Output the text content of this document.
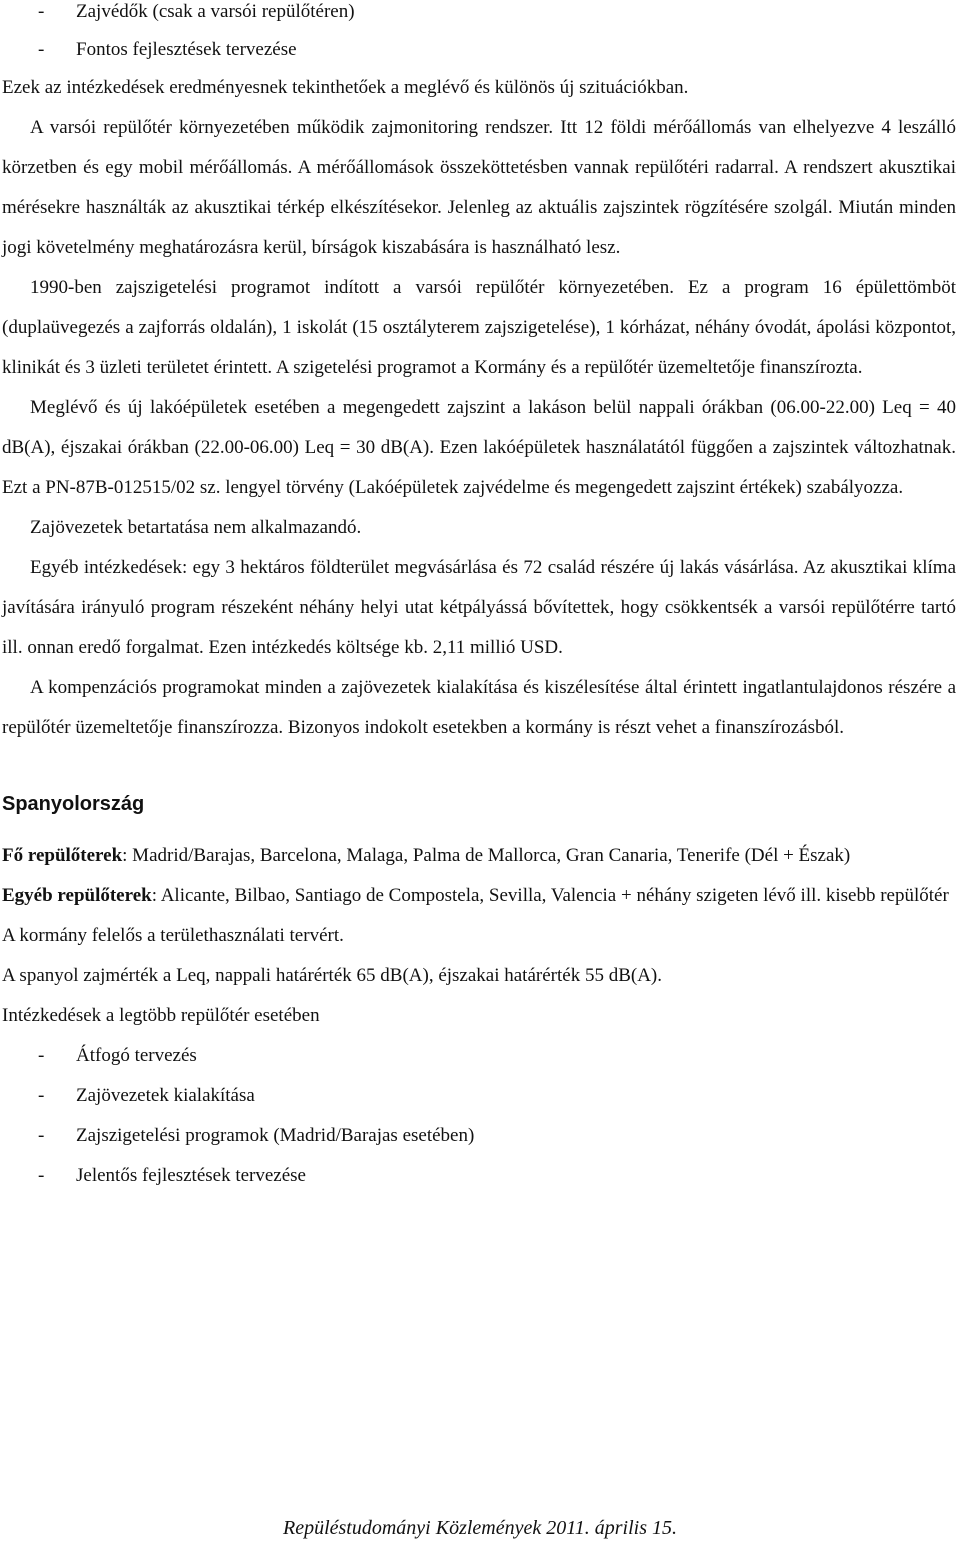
- Zajvédők (csak a varsói repülőtéren)
- Fontos fejlesztések tervezése

Ezek az intézkedések eredményesnek tekinthetőek a meglévő és különös új szituációkban.

A varsói repülőtér környezetében működik zajmonitoring rendszer. Itt 12 földi mérőállomás van elhelyezve 4 leszálló körzetben és egy mobil mérőállomás. A mérőállomások összeköttetésben vannak repülőtéri radarral. A rendszert akusztikai mérésekre használták az akusztikai térkép elkészítésekor. Jelenleg az aktuális zajszintek rögzítésére szolgál. Miután minden jogi követelmény meghatározásra kerül, bírságok kiszabására is használható lesz.

1990-ben zajszigetelési programot indított a varsói repülőtér környezetében. Ez a program 16 épülettömböt (duplaüvegezés a zajforrás oldalán), 1 iskolát (15 osztályterem zajszigetelése), 1 kórházat, néhány óvodát, ápolási központot, klinikát és 3 üzleti területet érintett. A szigetelési programot a Kormány és a repülőtér üzemeltetője finanszírozta.

Meglévő és új lakóépületek esetében a megengedett zajszint a lakáson belül nappali órákban (06.00-22.00) Leq = 40 dB(A), éjszakai órákban (22.00-06.00) Leq = 30 dB(A). Ezen lakóépületek használatától függően a zajszintek változhatnak. Ezt a PN-87B-012515/02 sz. lengyel törvény (Lakóépületek zajvédelme és megengedett zajszint értékek) szabályozza.

Zajövezetek betartatása nem alkalmazandó.

Egyéb intézkedések: egy 3 hektáros földterület megvásárlása és 72 család részére új lakás vásárlása. Az akusztikai klíma javítására irányuló program részeként néhány helyi utat kétpályássá bővítettek, hogy csökkentsék a varsói repülőtérre tartó ill. onnan eredő forgalmat. Ezen intézkedés költsége kb. 2,11 millió USD.

A kompenzációs programokat minden a zajövezetek kialakítása és kiszélesítése által érintett ingatlantulajdonos részére a repülőtér üzemeltetője finanszírozza. Bizonyos indokolt esetekben a kormány is részt vehet a finanszírozásból.

Spanyolország

Fő repülőterek: Madrid/Barajas, Barcelona, Malaga, Palma de Mallorca, Gran Canaria, Tenerife (Dél + Észak)

Egyéb repülőterek: Alicante, Bilbao, Santiago de Compostela, Sevilla, Valencia + néhány szigeten lévő ill. kisebb repülőtér

A kormány felelős a területhasználati tervért.

A spanyol zajmérték a Leq, nappali határérték 65 dB(A), éjszakai határérték 55 dB(A).

Intézkedések a legtöbb repülőtér esetében

- Átfogó tervezés
- Zajövezetek kialakítása
- Zajszigetelési programok (Madrid/Barajas esetében)
- Jelentős fejlesztések tervezése
Repüléstudományi Közlemények 2011. április 15.
